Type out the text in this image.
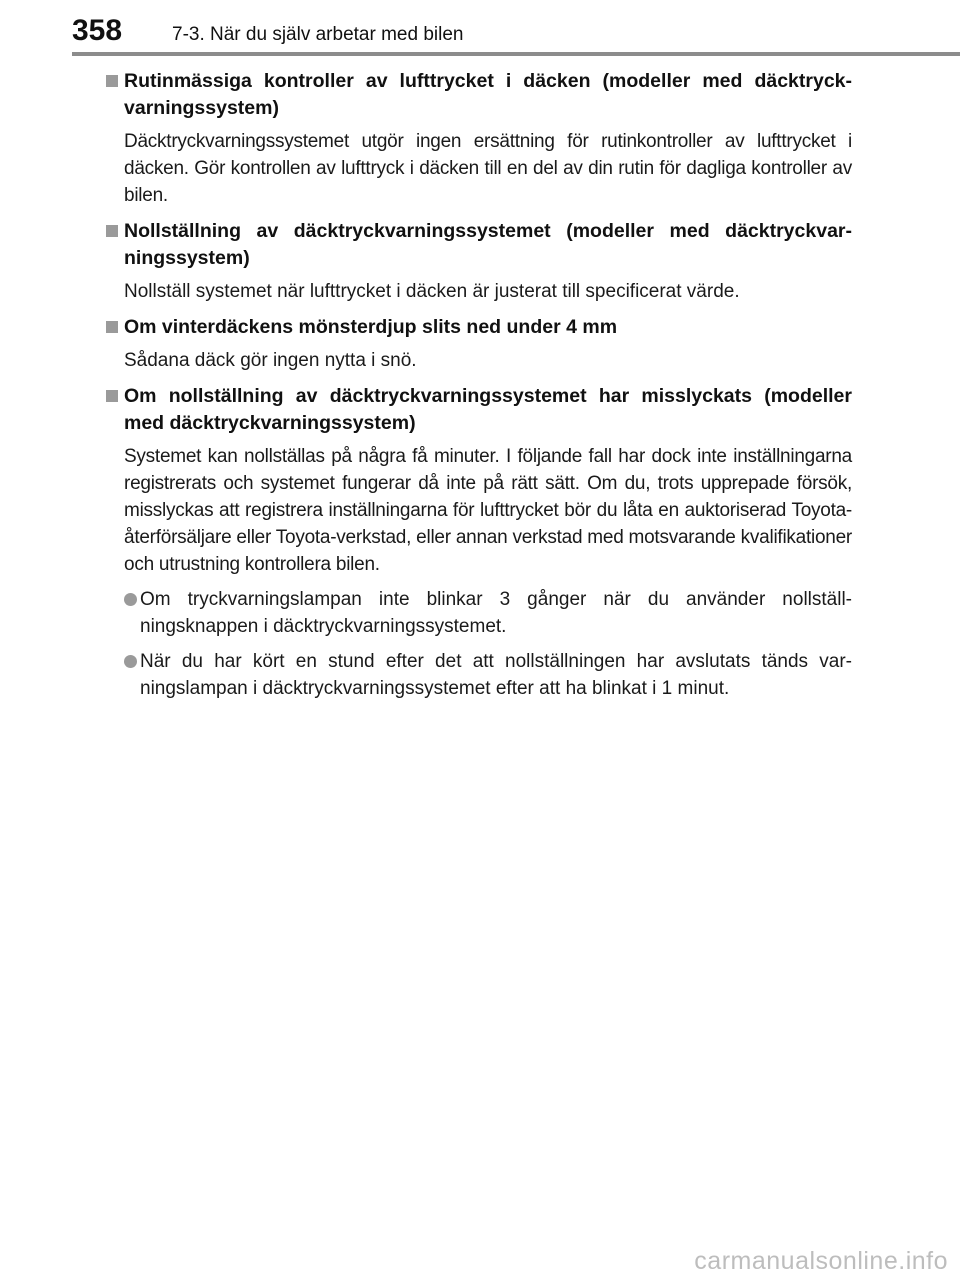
358	7-3. När du själv arbetar med bilen
Rutinmässiga kontroller av lufttrycket i däcken (modeller med däcktryck-varningssystem)
Däcktryckvarningssystemet utgör ingen ersättning för rutinkontroller av lufttrycket i däcken. Gör kontrollen av lufttryck i däcken till en del av din rutin för dagliga kontroller av bilen.
Nollställning av däcktryckvarningssystemet (modeller med däcktryckvar-ningssystem)
Nollställ systemet när lufttrycket i däcken är justerat till specificerat värde.
Om vinterdäckens mönsterdjup slits ned under 4 mm
Sådana däck gör ingen nytta i snö.
Om nollställning av däcktryckvarningssystemet har misslyckats (modeller med däcktryckvarningssystem)
Systemet kan nollställas på några få minuter. I följande fall har dock inte inställningarna registrerats och systemet fungerar då inte på rätt sätt. Om du, trots upprepade försök, misslyckas att registrera inställningarna för lufttrycket bör du låta en auktoriserad Toyota-återförsäljare eller Toyota-verkstad, eller annan verkstad med motsvarande kvalifikationer och utrustning kontrollera bilen.
Om tryckvarningslampan inte blinkar 3 gånger när du använder nollställ-ningsknappen i däcktryckvarningssystemet.
När du har kört en stund efter det att nollställningen har avslutats tänds var-ningslampan i däcktryckvarningssystemet efter att ha blinkat i 1 minut.
carmanualsonline.info
